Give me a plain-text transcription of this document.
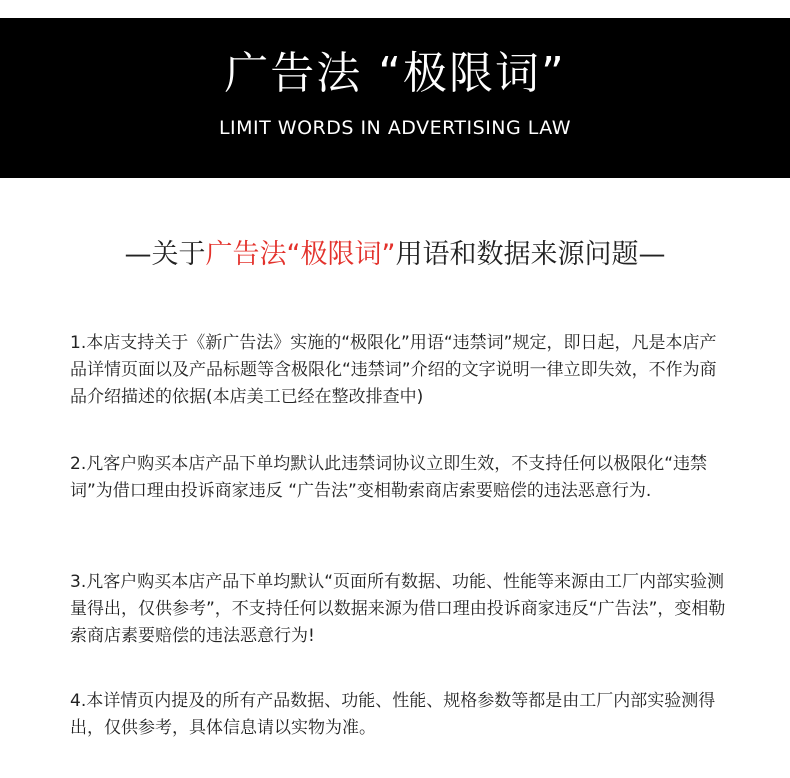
广告法 “极限词”
LIMIT WORDS IN ADVERTISING LAW
—关于广告法“极限词”用语和数据来源问题—
1.本店支持关于《新广告法》实施的“极限化”用语“违禁词”规定，即日起，凡是本店产品详情页面以及产品标题等含极限化“违禁词”介绍的文字说明一律立即失效，不作为商品介绍描述的依据(本店美工已经在整改排查中)
2.凡客户购买本店产品下单均默认此违禁词协议立即生效，不支持任何以极限化“违禁词”为借口理由投诉商家违反 “广告法”变相勒索商店索要赔偿的违法恶意行为.
3.凡客户购买本店产品下单均默认“页面所有数据、功能、性能等来源由工厂内部实验测量得出，仅供参考”，不支持任何以数据来源为借口理由投诉商家违反“广告法”，变相勒索商店素要赔偿的违法恶意行为!
4.本详情页内提及的所有产品数据、功能、性能、规格参数等都是由工厂内部实验测得出，仅供参考，具体信息请以实物为准。
